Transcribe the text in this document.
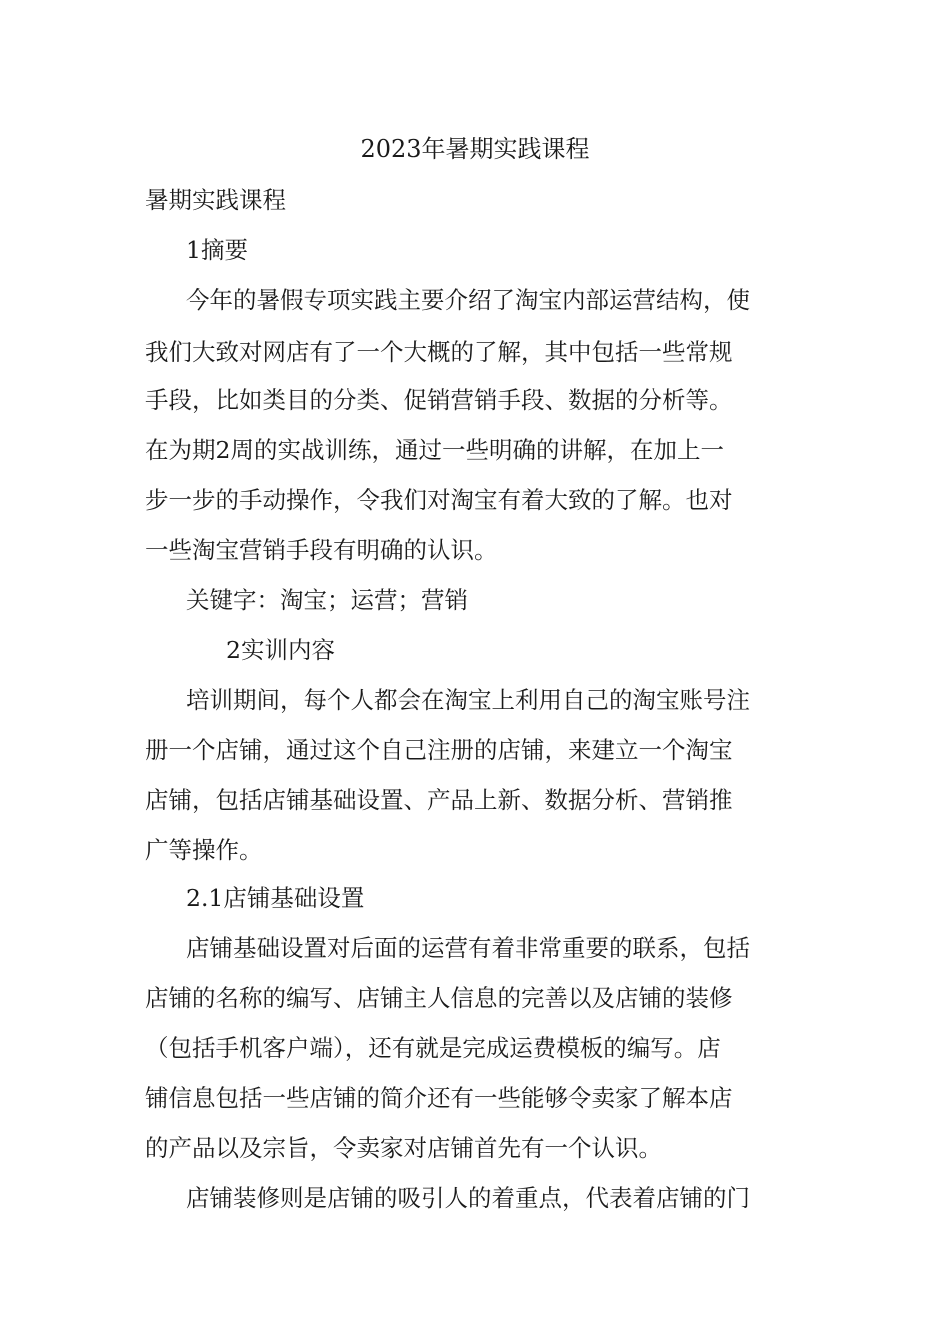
2023年暑期实践课程
暑期实践课程
1摘要
今年的暑假专项实践主要介绍了淘宝内部运营结构，使
我们大致对网店有了一个大概的了解，其中包括一些常规
手段，比如类目的分类、促销营销手段、数据的分析等。
在为期2周的实战训练，通过一些明确的讲解，在加上一
步一步的手动操作，令我们对淘宝有着大致的了解。也对
一些淘宝营销手段有明确的认识。
关键字：淘宝；运营；营销
2实训内容
培训期间，每个人都会在淘宝上利用自己的淘宝账号注
册一个店铺，通过这个自己注册的店铺，来建立一个淘宝
店铺，包括店铺基础设置、产品上新、数据分析、营销推
广等操作。
2.1店铺基础设置
店铺基础设置对后面的运营有着非常重要的联系，包括
店铺的名称的编写、店铺主人信息的完善以及店铺的装修
（包括手机客户端），还有就是完成运费模板的编写。店
铺信息包括一些店铺的简介还有一些能够令卖家了解本店
的产品以及宗旨，令卖家对店铺首先有一个认识。
店铺装修则是店铺的吸引人的着重点，代表着店铺的门
